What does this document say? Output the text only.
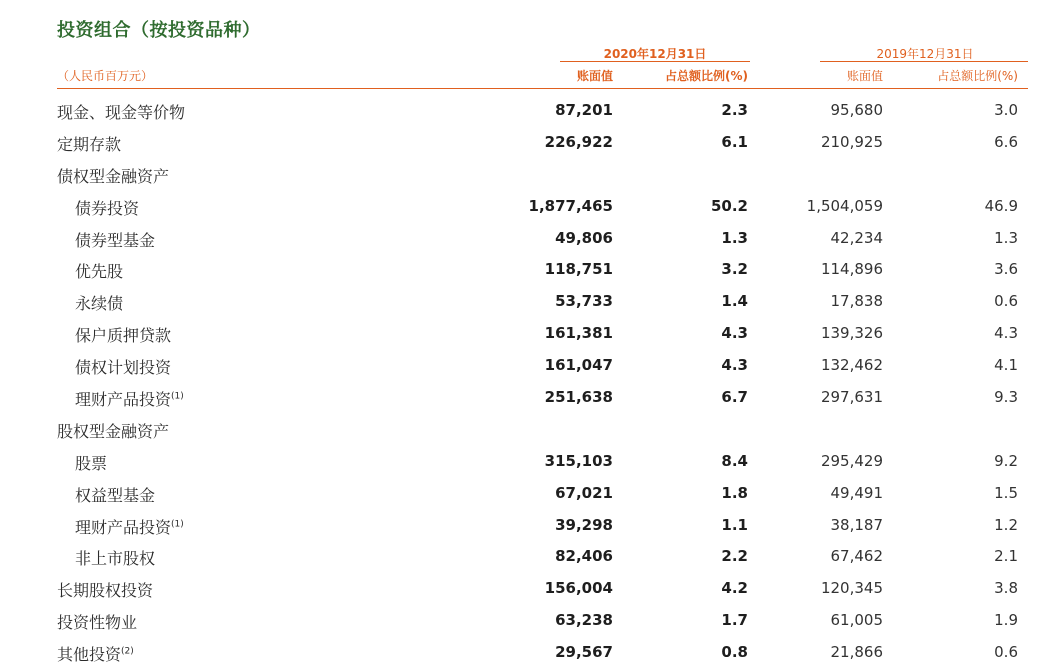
投资组合（按投资品种）
2020年12月31日	2019年12月31日
（人民币百万元）	账面值	占总额比例(%)	账面值	占总额比例(%)
现金、现金等价物	87,201	2.3	95,680	3.0
定期存款	226,922	6.1	210,925	6.6
债权型金融资产
债券投资	1,877,465	50.2	1,504,059	46.9
债券型基金	49,806	1.3	42,234	1.3
优先股	118,751	3.2	114,896	3.6
永续债	53,733	1.4	17,838	0.6
保户质押贷款	161,381	4.3	139,326	4.3
债权计划投资	161,047	4.3	132,462	4.1
理财产品投资$^{(1)}$	251,638	6.7	297,631	9.3
股权型金融资产
股票	315,103	8.4	295,429	9.2
权益型基金	67,021	1.8	49,491	1.5
理财产品投资$^{(1)}$	39,298	1.1	38,187	1.2
非上市股权	82,406	2.2	67,462	2.1
长期股权投资	156,004	4.2	120,345	3.8
投资性物业	63,238	1.7	61,005	1.9
其他投资$^{(2)}$	29,567	0.8	21,866	0.6
